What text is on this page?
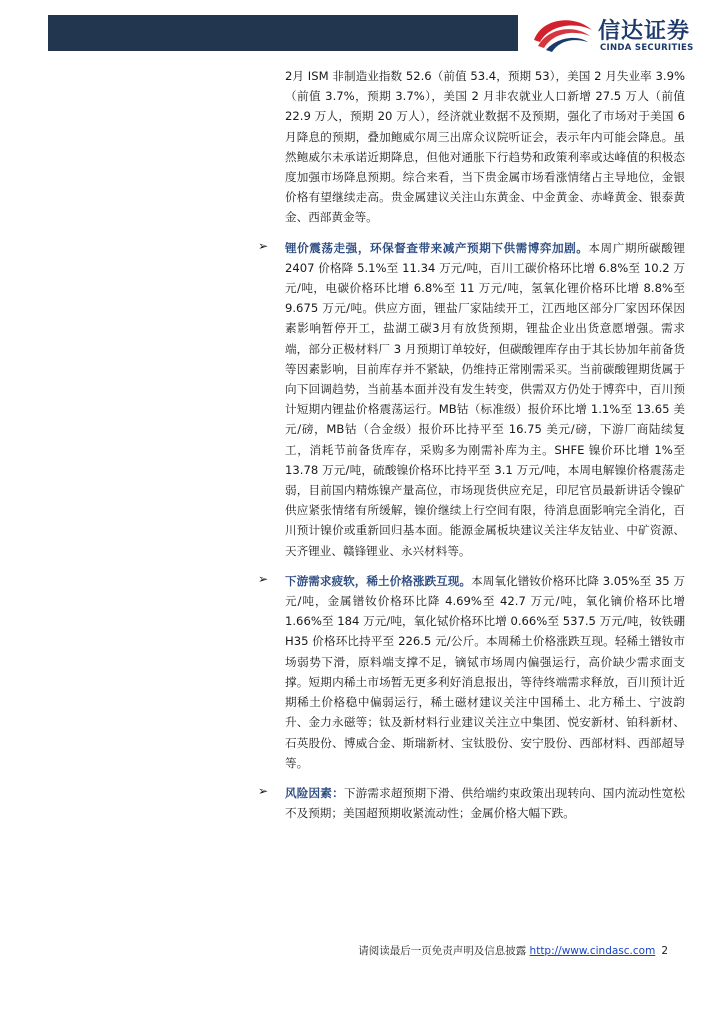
信达证券
CINDA SECURITIES

2月 ISM 非制造业指数 52.6（前值 53.4，预期 53），美国 2 月失业率 3.9%（前值 3.7%，预期 3.7%），美国 2 月非农就业人口新增 27.5 万人（前值 22.9 万人，预期 20 万人），经济就业数据不及预期，强化了市场对于美国 6 月降息的预期，叠加鲍威尔周三出席众议院听证会，表示年内可能会降息。虽然鲍威尔未承诺近期降息，但他对通胀下行趋势和政策利率或达峰值的积极态度加强市场降息预期。综合来看，当下贵金属市场看涨情绪占主导地位，金银价格有望继续走高。贵金属建议关注山东黄金、中金黄金、赤峰黄金、银泰黄金、西部黄金等。

➢ 锂价震荡走强，环保督查带来减产预期下供需博弈加剧。本周广期所碳酸锂 2407 价格降 5.1%至 11.34 万元/吨，百川工碳价格环比增 6.8%至 10.2 万元/吨，电碳价格环比增 6.8%至 11 万元/吨，氢氧化锂价格环比增 8.8%至 9.675 万元/吨。供应方面，锂盐厂家陆续开工，江西地区部分厂家因环保因素影响暂停开工，盐湖工碳3月有放货预期，锂盐企业出货意愿增强。需求端，部分正极材料厂 3 月预期订单较好，但碳酸锂库存由于其长协加年前备货等因素影响，目前库存并不紧缺，仍维持正常刚需采买。当前碳酸锂期货属于向下回调趋势，当前基本面并没有发生转变，供需双方仍处于博弈中，百川预计短期内锂盐价格震荡运行。MB钴（标准级）报价环比增 1.1%至 13.65 美元/磅，MB钴（合金级）报价环比持平至 16.75 美元/磅，下游厂商陆续复工，消耗节前备货库存，采购多为刚需补库为主。SHFE 镍价环比增 1%至 13.78 万元/吨，硫酸镍价格环比持平至 3.1 万元/吨，本周电解镍价格震荡走弱，目前国内精炼镍产量高位，市场现货供应充足，印尼官员最新讲话令镍矿供应紧张情绪有所缓解，镍价继续上行空间有限，待消息面影响完全消化，百川预计镍价或重新回归基本面。能源金属板块建议关注华友钴业、中矿资源、天齐锂业、赣锋锂业、永兴材料等。

➢ 下游需求疲软，稀土价格涨跌互现。本周氧化镨钕价格环比降 3.05%至 35 万元/吨，金属镨钕价格环比降 4.69%至 42.7 万元/吨，氧化镝价格环比增 1.66%至 184 万元/吨，氧化铽价格环比增 0.66%至 537.5 万元/吨，钕铁硼 H35 价格环比持平至 226.5 元/公斤。本周稀土价格涨跌互现。轻稀土镨钕市场弱势下滑，原料端支撑不足，镝铽市场周内偏强运行，高价缺少需求面支撑。短期内稀土市场暂无更多利好消息报出，等待终端需求释放，百川预计近期稀土价格稳中偏弱运行，稀土磁材建议关注中国稀土、北方稀土、宁波韵升、金力永磁等；钛及新材料行业建议关注立中集团、悦安新材、铂科新材、石英股份、博威合金、斯瑞新材、宝钛股份、安宁股份、西部材料、西部超导等。

➢ 风险因素：下游需求超预期下滑、供给端约束政策出现转向、国内流动性宽松不及预期；美国超预期收紧流动性；金属价格大幅下跌。

请阅读最后一页免责声明及信息披露 http://www.cindasc.com 2
